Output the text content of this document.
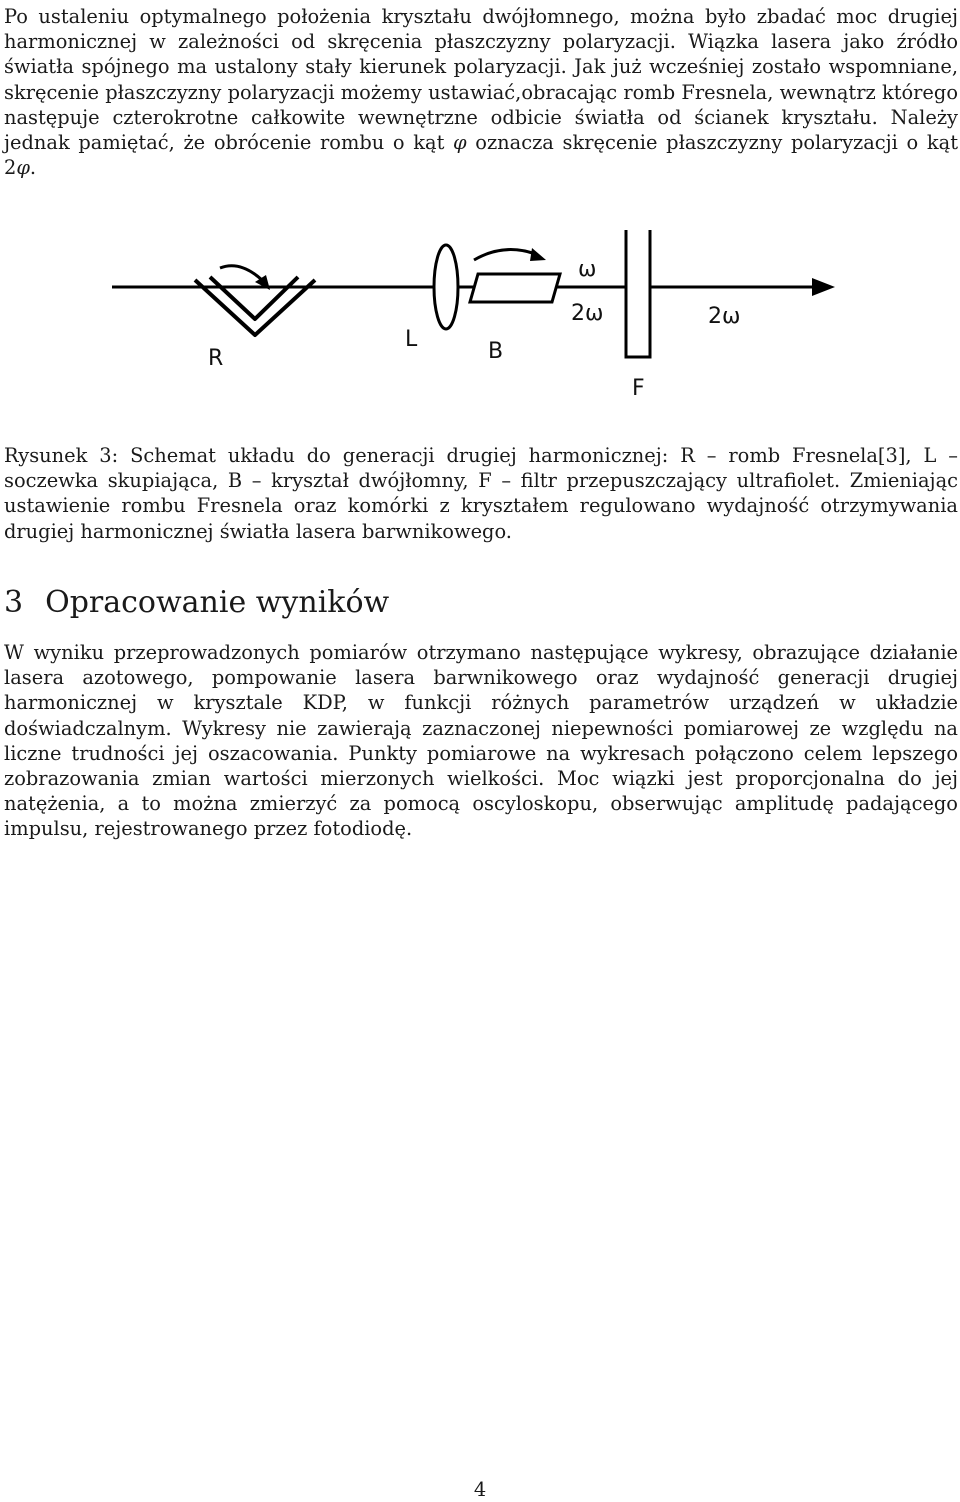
Po ustaleniu optymalnego położenia kryształu dwójłomnego, można było zbadać moc drugiej harmonicznej w zależności od skręcenia płaszczyzny polaryzacji. Wiązka lasera jako źródło światła spójnego ma ustalony stały kierunek polaryzacji. Jak już wcześniej zostało wspomniane, skręcenie płaszczyzny polaryzacji możemy ustawiać,obracając romb Fresnela, wewnątrz którego następuje czterokrotne całkowite wewnętrzne odbicie światła od ścianek kryształu. Należy jednak pamiętać, że obrócenie rombu o kąt φ oznacza skręcenie płaszczyzny polaryzacji o kąt 2φ.

R
L	B
F
ω
2ω	2ω

Rysunek 3: Schemat układu do generacji drugiej harmonicznej: R – romb Fresnela[3], L – soczewka skupiająca, B – kryształ dwójłomny, F – filtr przepuszczający ultrafiolet. Zmieniając ustawienie rombu Fresnela oraz komórki z kryształem regulowano wydajność otrzymywania drugiej harmonicznej światła lasera barwnikowego.

3 Opracowanie wyników

W wyniku przeprowadzonych pomiarów otrzymano następujące wykresy, obrazujące działanie lasera azotowego, pompowanie lasera barwnikowego oraz wydajność generacji drugiej harmonicznej w krysztale KDP, w funkcji różnych parametrów urządzeń w układzie doświadczalnym. Wykresy nie zawierają zaznaczonej niepewności pomiarowej ze względu na liczne trudności jej oszacowania. Punkty pomiarowe na wykresach połączono celem lepszego zobrazowania zmian wartości mierzonych wielkości. Moc wiązki jest proporcjonalna do jej natężenia, a to można zmierzyć za pomocą oscyloskopu, obserwując amplitudę padającego impulsu, rejestrowanego przez fotodiodę.

4
